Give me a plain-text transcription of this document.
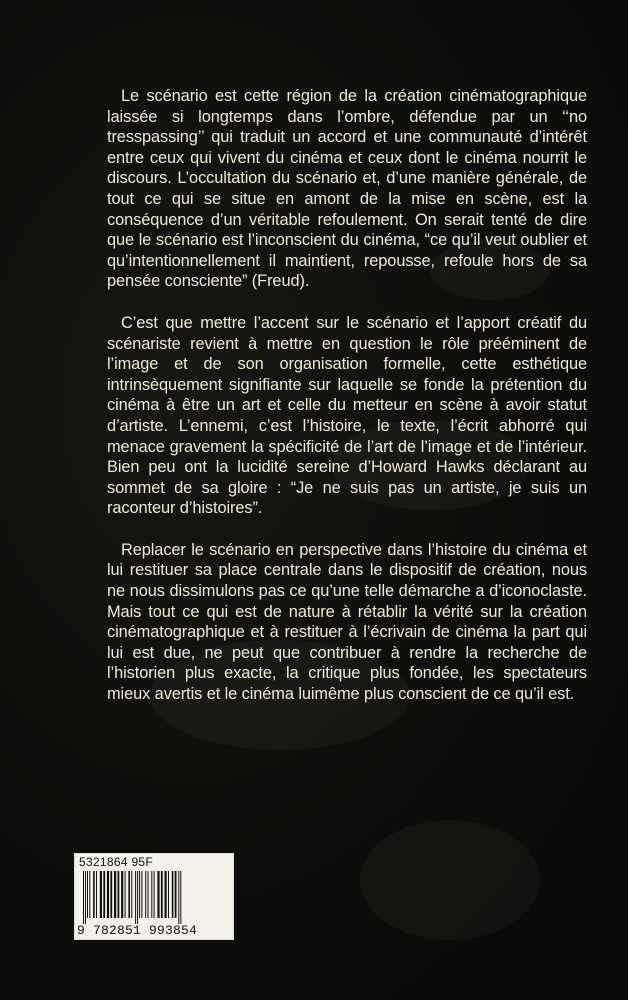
Le scénario est cette région de la création cinématographique laissée si longtemps dans l’ombre, défendue par un ‘‘no tresspassing’’ qui traduit un accord et une communauté d’intérêt entre ceux qui vivent du cinéma et ceux dont le cinéma nourrit le discours. L’occultation du scénario et, d’une manière générale, de tout ce qui se situe en amont de la mise en scène, est la conséquence d’un véritable refoulement. On serait tenté de dire que le scénario est l’inconscient du cinéma, “ce qu’il veut oublier et qu’intentionnellement il maintient, repousse, refoule hors de sa pensée consciente” (Freud).

C’est que mettre l’accent sur le scénario et l’apport créatif du scénariste revient à mettre en question le rôle prééminent de l’image et de son organisation formelle, cette esthétique intrinsèquement signifiante sur laquelle se fonde la prétention du cinéma à être un art et celle du metteur en scène à avoir statut d’artiste. L’ennemi, c’est l’histoire, le texte, l’écrit abhorré qui menace gravement la spécificité de l’art de l’image et de l’intérieur. Bien peu ont la lucidité sereine d’Howard Hawks déclarant au sommet de sa gloire : “Je ne suis pas un artiste, je suis un raconteur d’histoires”.

Replacer le scénario en perspective dans l’histoire du cinéma et lui restituer sa place centrale dans le dispositif de création, nous ne nous dissimulons pas ce qu’une telle démarche a d’iconoclaste. Mais tout ce qui est de nature à rétablir la vérité sur la création cinématographique et à restituer à l’écrivain de cinéma la part qui lui est due, ne peut que contribuer à rendre la recherche de l’historien plus exacte, la critique plus fondée, les spectateurs mieux avertis et le cinéma luimême plus conscient de ce qu’il est.

5321864 95F
9 782851 993854
